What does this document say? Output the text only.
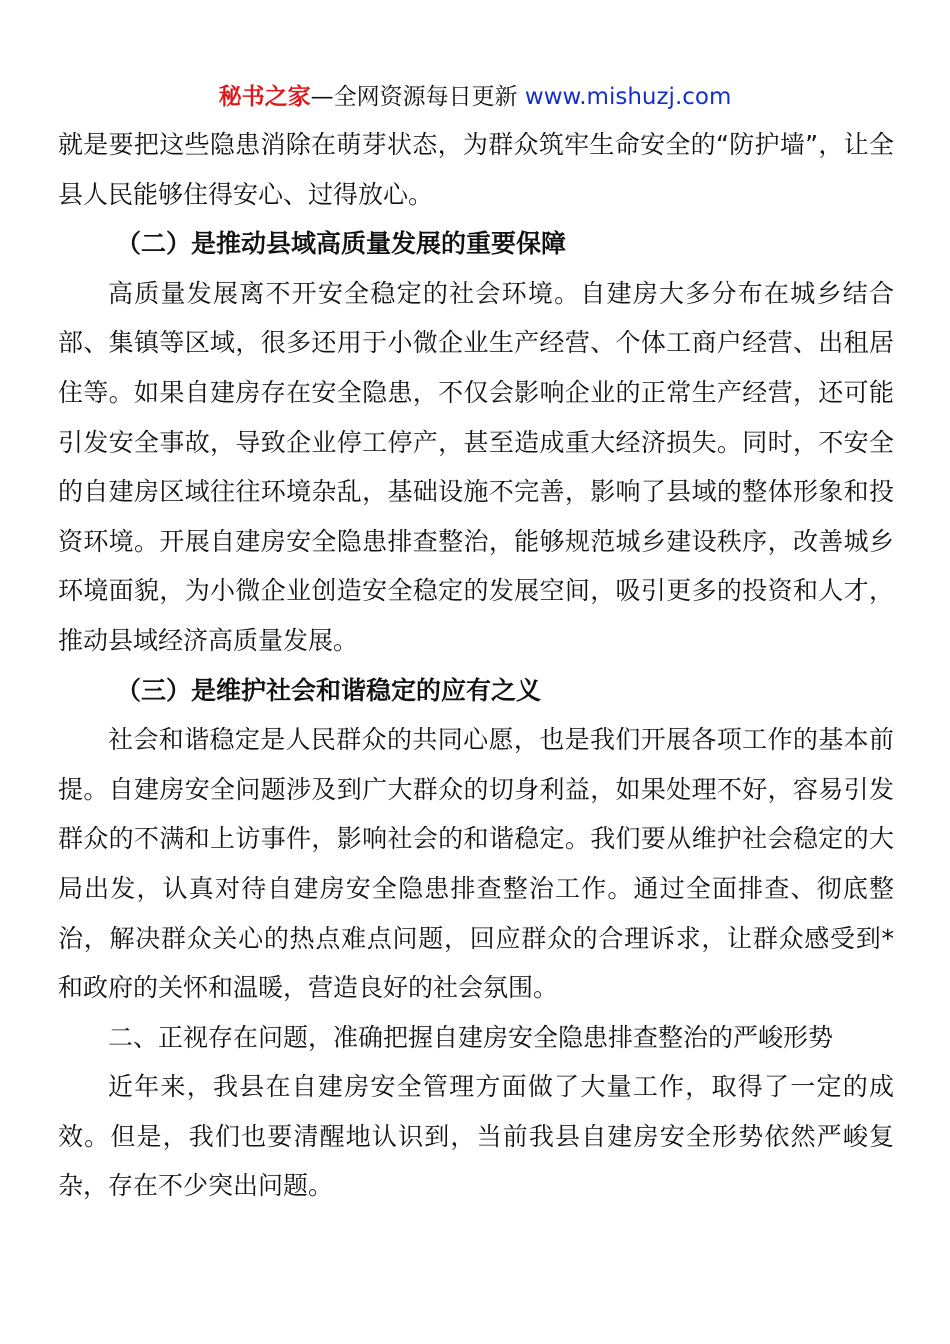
秘书之家—全网资源每日更新 www.mishuzj.com

就是要把这些隐患消除在萌芽状态，为群众筑牢生命安全的“防护墙”，让全县人民能够住得安心、过得放心。

（二）是推动县域高质量发展的重要保障

高质量发展离不开安全稳定的社会环境。自建房大多分布在城乡结合部、集镇等区域，很多还用于小微企业生产经营、个体工商户经营、出租居住等。如果自建房存在安全隐患，不仅会影响企业的正常生产经营，还可能引发安全事故，导致企业停工停产，甚至造成重大经济损失。同时，不安全的自建房区域往往环境杂乱，基础设施不完善，影响了县域的整体形象和投资环境。开展自建房安全隐患排查整治，能够规范城乡建设秩序，改善城乡环境面貌，为小微企业创造安全稳定的发展空间，吸引更多的投资和人才，推动县域经济高质量发展。

（三）是维护社会和谐稳定的应有之义

社会和谐稳定是人民群众的共同心愿，也是我们开展各项工作的基本前提。自建房安全问题涉及到广大群众的切身利益，如果处理不好，容易引发群众的不满和上访事件，影响社会的和谐稳定。我们要从维护社会稳定的大局出发，认真对待自建房安全隐患排查整治工作。通过全面排查、彻底整治，解决群众关心的热点难点问题，回应群众的合理诉求，让群众感受到*和政府的关怀和温暖，营造良好的社会氛围。

二、正视存在问题，准确把握自建房安全隐患排查整治的严峻形势

近年来，我县在自建房安全管理方面做了大量工作，取得了一定的成效。但是，我们也要清醒地认识到，当前我县自建房安全形势依然严峻复杂，存在不少突出问题。
